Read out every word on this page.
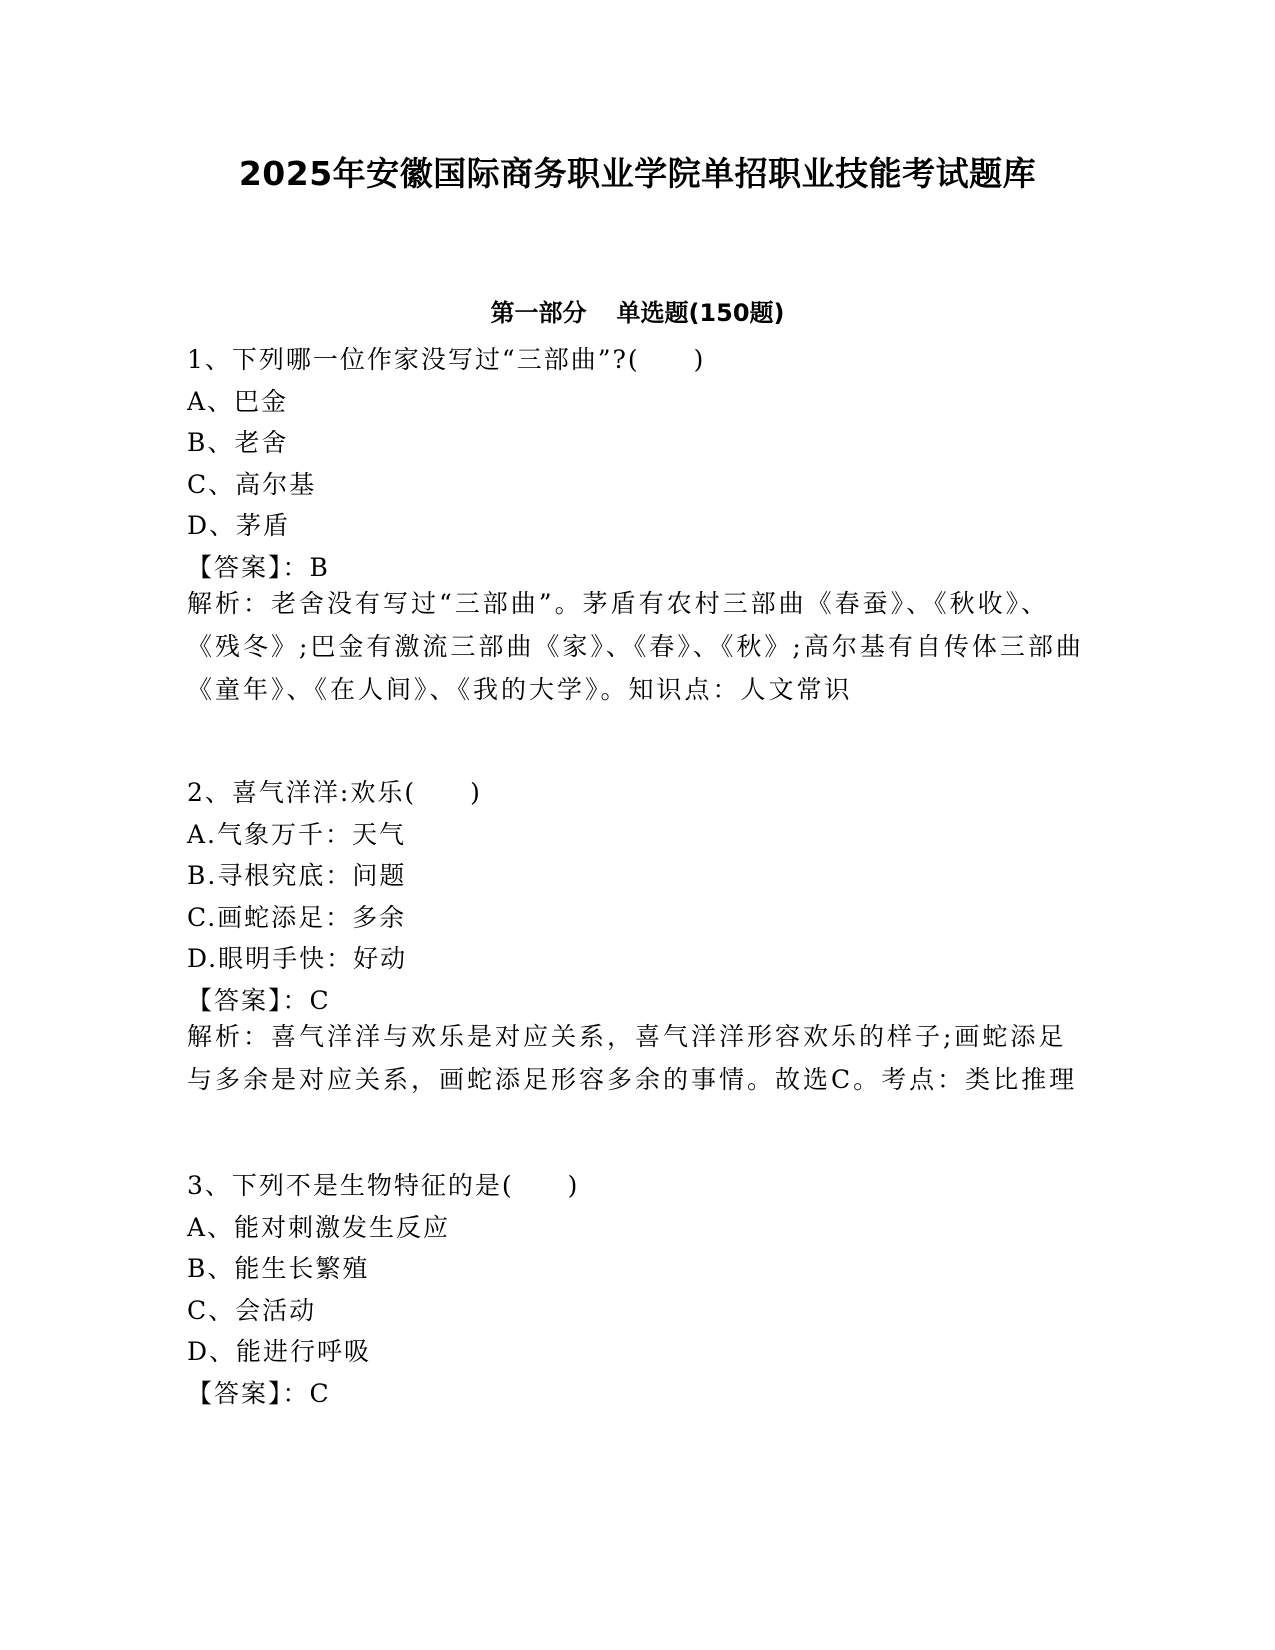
2025年安徽国际商务职业学院单招职业技能考试题库
第一部分 单选题(150题)
1、下列哪一位作家没写过“三部曲”?(　　)
A、巴金
B、老舍
C、高尔基
D、茅盾
【答案】：B
解析：老舍没有写过“三部曲”。茅盾有农村三部曲《春蚕》、《秋收》、《残冬》;巴金有激流三部曲《家》、《春》、《秋》;高尔基有自传体三部曲《童年》、《在人间》、《我的大学》。知识点：人文常识
2、喜气洋洋:欢乐(　　)
A.气象万千：天气
B.寻根究底：问题
C.画蛇添足：多余
D.眼明手快：好动
【答案】：C
解析：喜气洋洋与欢乐是对应关系，喜气洋洋形容欢乐的样子;画蛇添足与多余是对应关系，画蛇添足形容多余的事情。故选C。考点：类比推理
3、下列不是生物特征的是(　　)
A、能对刺激发生反应
B、能生长繁殖
C、会活动
D、能进行呼吸
【答案】：C
